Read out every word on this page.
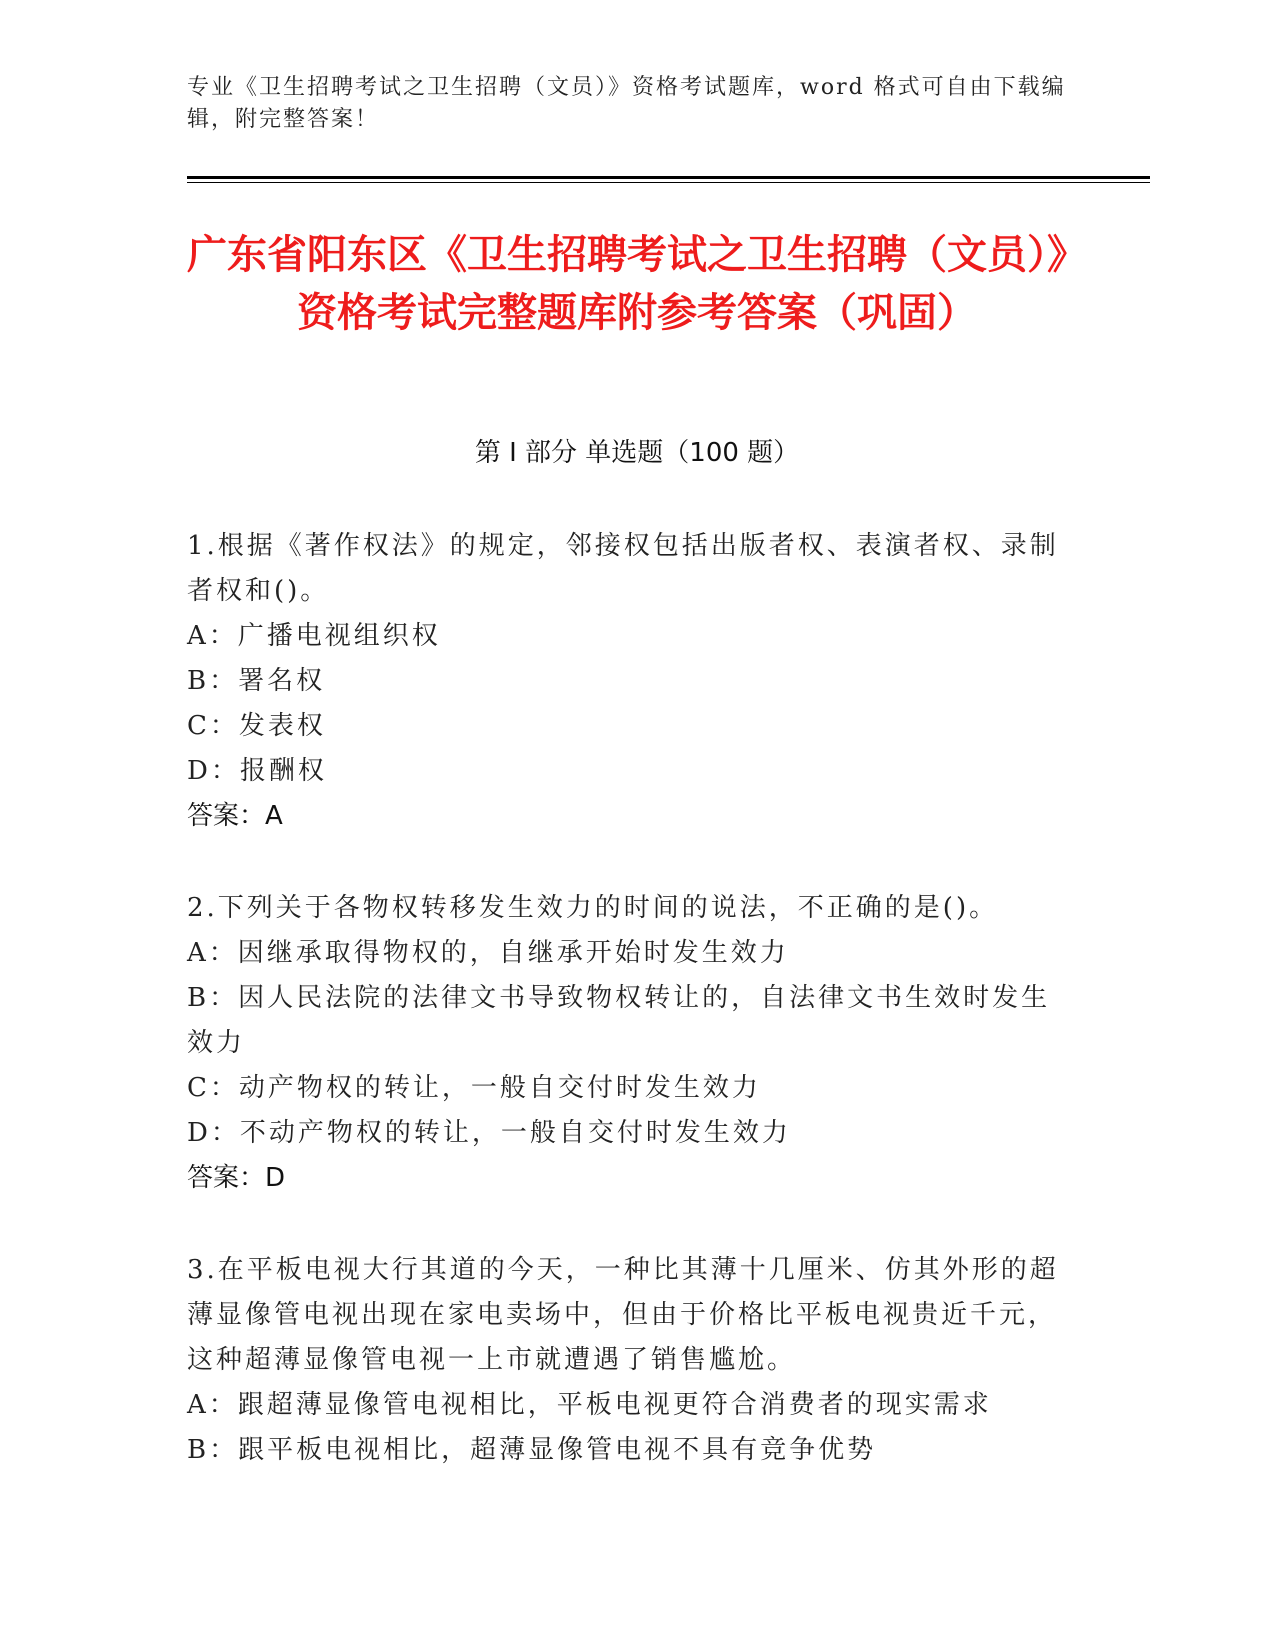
专业《卫生招聘考试之卫生招聘（文员）》资格考试题库，word 格式可自由下载编辑，附完整答案！
广东省阳东区《卫生招聘考试之卫生招聘（文员）》资格考试完整题库附参考答案（巩固）
第 I 部分 单选题（100 题）

1.根据《著作权法》的规定，邻接权包括出版者权、表演者权、录制者权和()。

A：广播电视组织权

B：署名权

C：发表权

D：报酬权

答案：A

2.下列关于各物权转移发生效力的时间的说法，不正确的是()。

A：因继承取得物权的，自继承开始时发生效力

B：因人民法院的法律文书导致物权转让的，自法律文书生效时发生效力

C：动产物权的转让，一般自交付时发生效力

D：不动产物权的转让，一般自交付时发生效力

答案：D

3.在平板电视大行其道的今天，一种比其薄十几厘米、仿其外形的超薄显像管电视出现在家电卖场中，但由于价格比平板电视贵近千元，这种超薄显像管电视一上市就遭遇了销售尴尬。

A：跟超薄显像管电视相比，平板电视更符合消费者的现实需求

B：跟平板电视相比，超薄显像管电视不具有竞争优势
